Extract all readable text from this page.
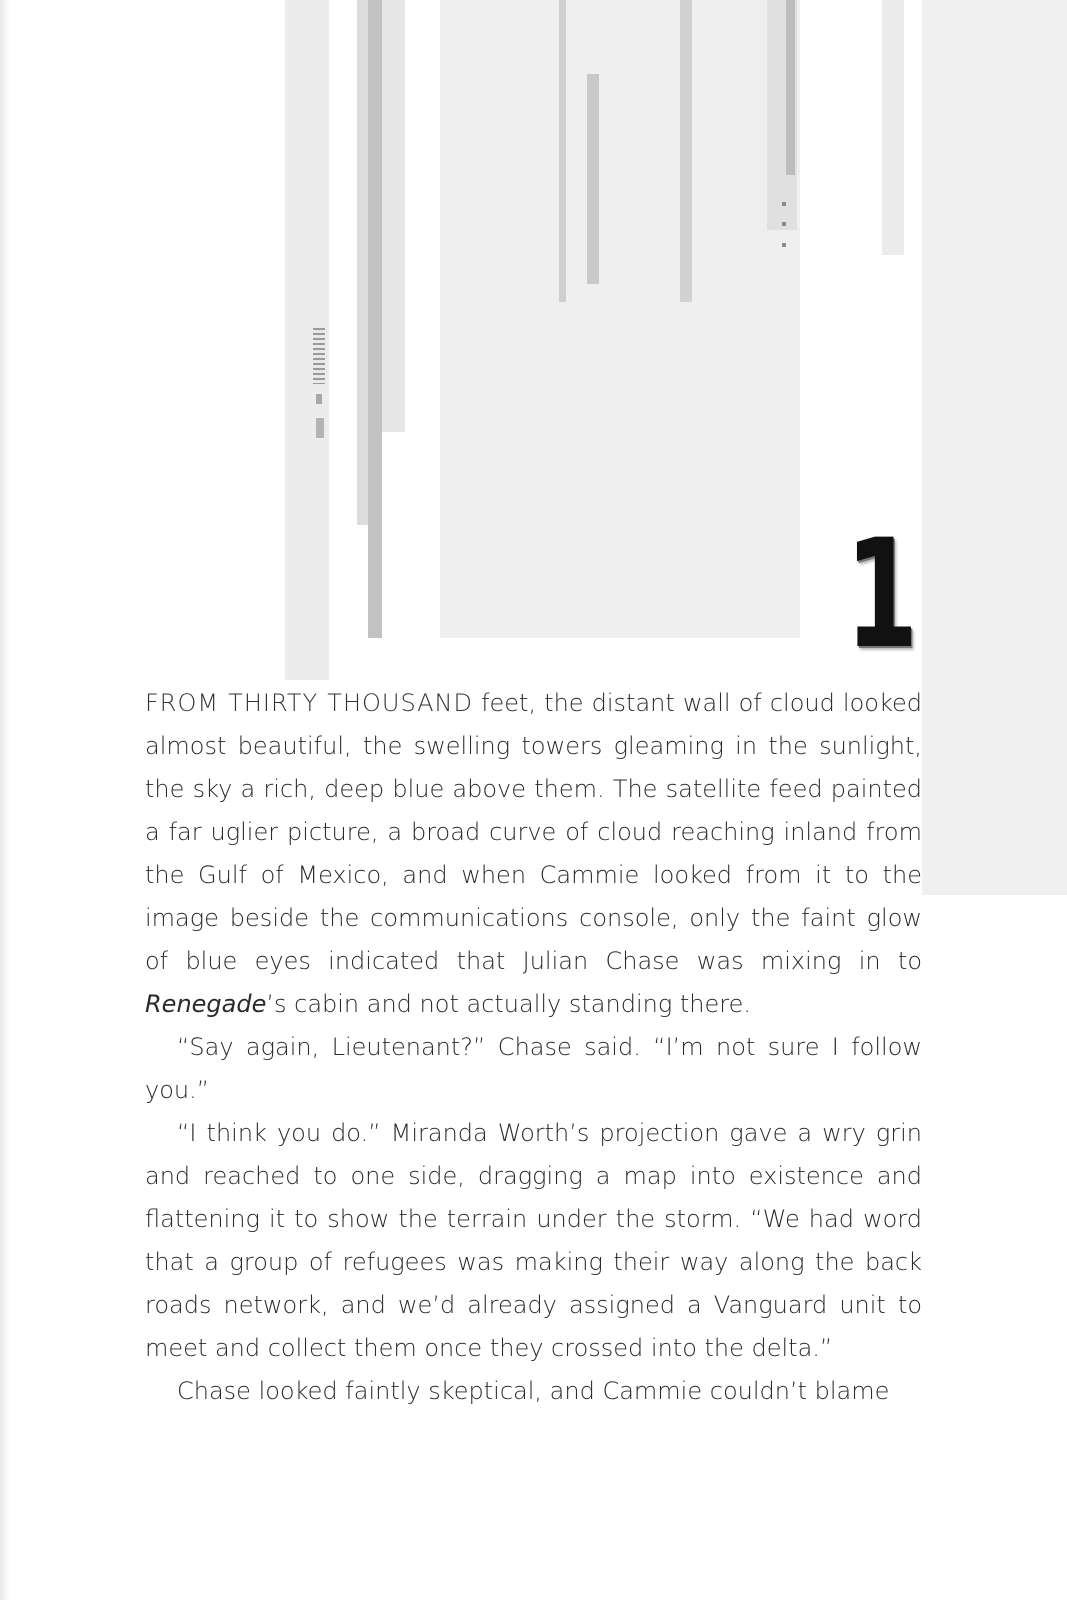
1

FROM THIRTY THOUSAND feet, the distant wall of cloud looked almost beautiful, the swelling towers gleaming in the sunlight, the sky a rich, deep blue above them. The satellite feed painted a far uglier picture, a broad curve of cloud reaching inland from the Gulf of Mexico, and when Cammie looked from it to the image beside the communications console, only the faint glow of blue eyes indicated that Julian Chase was mixing in to Renegade’s cabin and not actually standing there.

“Say again, Lieutenant?” Chase said. “I’m not sure I follow you.”

“I think you do.” Miranda Worth’s projection gave a wry grin and reached to one side, dragging a map into existence and flattening it to show the terrain under the storm. “We had word that a group of refugees was making their way along the back roads network, and we’d already assigned a Vanguard unit to meet and collect them once they crossed into the delta.”

Chase looked faintly skeptical, and Cammie couldn’t blame
